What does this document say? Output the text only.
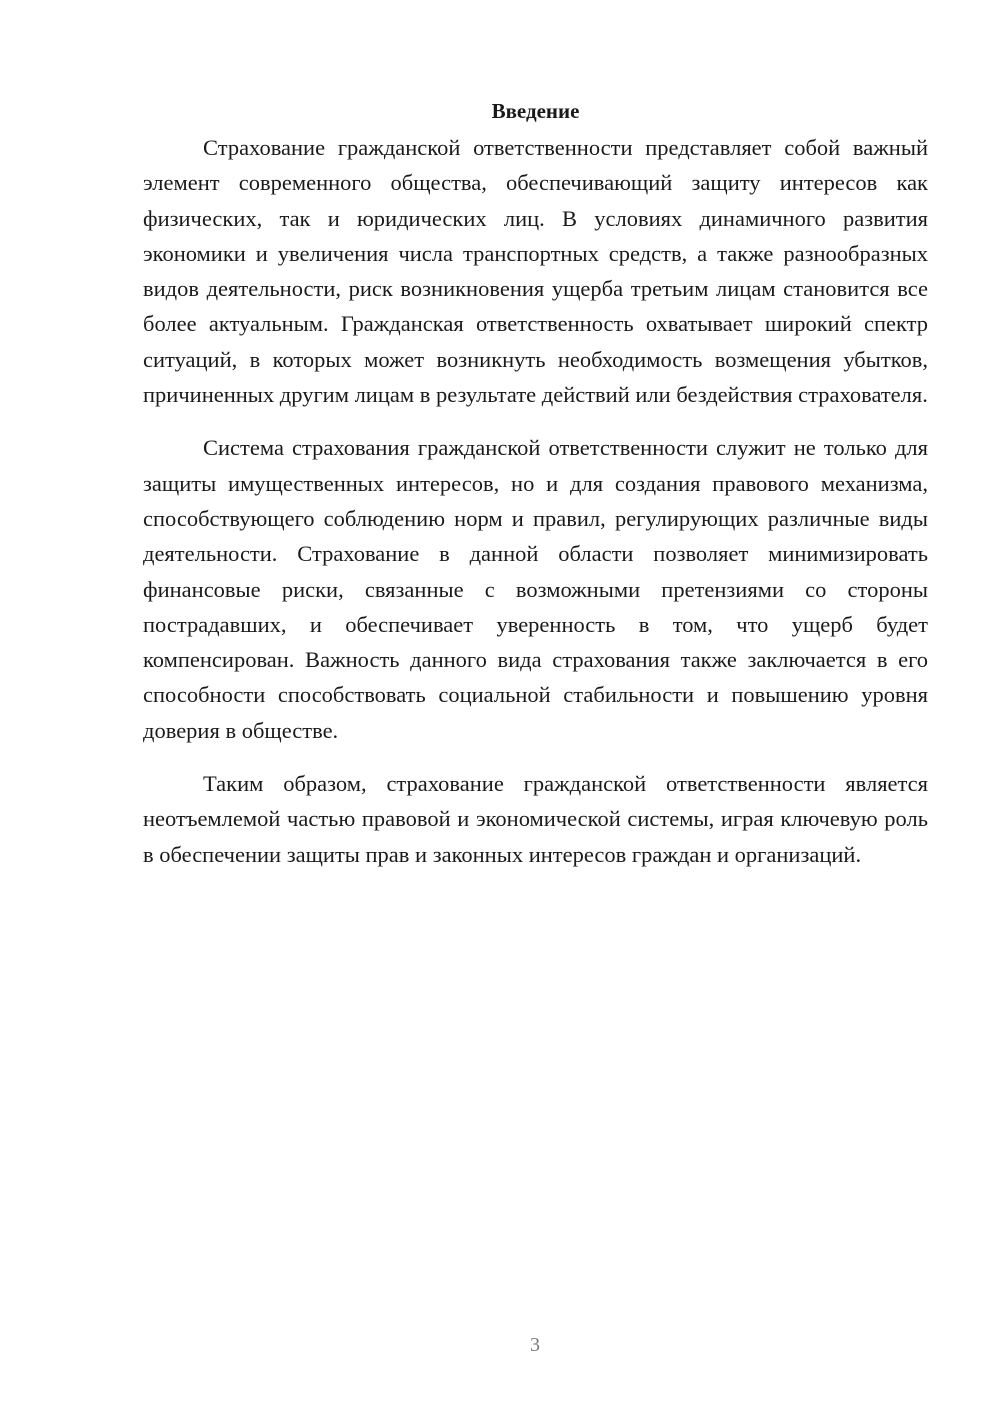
Введение

Страхование гражданской ответственности представляет собой важный элемент современного общества, обеспечивающий защиту интересов как физических, так и юридических лиц. В условиях динамичного развития экономики и увеличения числа транспортных средств, а также разнообразных видов деятельности, риск возникновения ущерба третьим лицам становится все более актуальным. Гражданская ответственность охватывает широкий спектр ситуаций, в которых может возникнуть необходимость возмещения убытков, причиненных другим лицам в результате действий или бездействия страхователя.

Система страхования гражданской ответственности служит не только для защиты имущественных интересов, но и для создания правового механизма, способствующего соблюдению норм и правил, регулирующих различные виды деятельности. Страхование в данной области позволяет минимизировать финансовые риски, связанные с возможными претензиями со стороны пострадавших, и обеспечивает уверенность в том, что ущерб будет компенсирован. Важность данного вида страхования также заключается в его способности способствовать социальной стабильности и повышению уровня доверия в обществе.

Таким образом, страхование гражданской ответственности является неотъемлемой частью правовой и экономической системы, играя ключевую роль в обеспечении защиты прав и законных интересов граждан и организаций.

3
